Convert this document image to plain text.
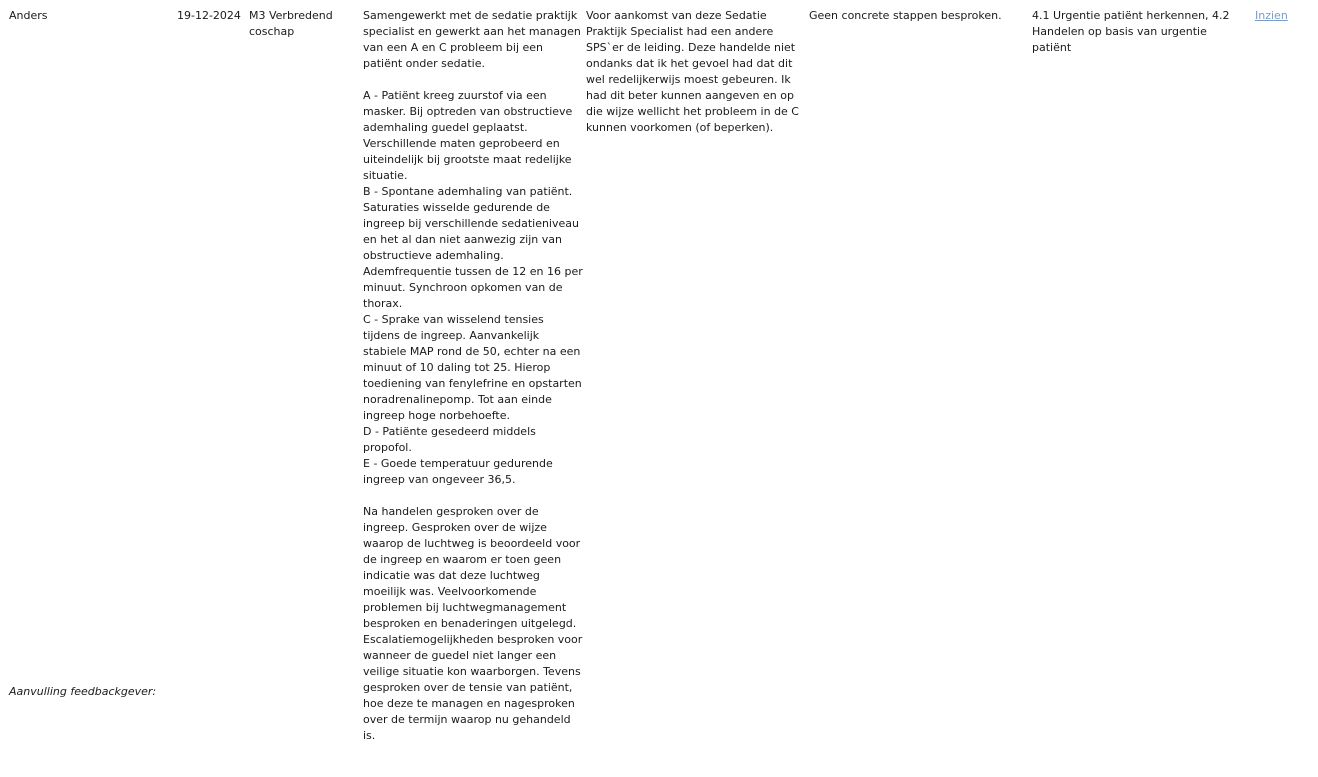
Anders	19-12-2024 M3 Verbredend coschap

Samengewerkt met de sedatie praktijk specialist en gewerkt aan het managen van een A en C probleem bij een patiënt onder sedatie.

A - Patiënt kreeg zuurstof via een masker. Bij optreden van obstructieve ademhaling guedel geplaatst. Verschillende maten geprobeerd en uiteindelijk bij grootste maat redelijke situatie.

B - Spontane ademhaling van patiënt. Saturaties wisselde gedurende de ingreep bij verschillende sedatieniveau en het al dan niet aanwezig zijn van obstructieve ademhaling. Ademfrequentie tussen de 12 en 16 per minuut. Synchroon opkomen van de thorax.

C - Sprake van wisselend tensies tijdens de ingreep. Aanvankelijk stabiele MAP rond de 50, echter na een minuut of 10 daling tot 25. Hierop toediening van fenylefrine en opstarten noradrenalinepomp. Tot aan einde ingreep hoge norbehoefte.

D - Patiënte gesedeerd middels propofol.

E - Goede temperatuur gedurende ingreep van ongeveer 36,5.

Na handelen gesproken over de ingreep. Gesproken over de wijze waarop de luchtweg is beoordeeld voor de ingreep en waarom er toen geen indicatie was dat deze luchtweg moeilijk was. Veelvoorkomende problemen bij luchtwegmanagement besproken en benaderingen uitgelegd. Escalatiemogelijkheden besproken voor wanneer de guedel niet langer een veilige situatie kon waarborgen. Tevens gesproken over de tensie van patiënt, hoe deze te managen en nagesproken over de termijn waarop nu gehandeld is.

Voor aankomst van deze Sedatie Praktijk Specialist had een andere SPS`er de leiding. Deze handelde niet ondanks dat ik het gevoel had dat dit wel redelijkerwijs moest gebeuren. Ik had dit beter kunnen aangeven en op die wijze wellicht het probleem in de C kunnen voorkomen (of beperken).

Geen concrete stappen besproken.	4.1 Urgentie patiënt herkennen, 4.2 Handelen op basis van urgentie patiënt
Inzien
Aanvulling feedbackgever:
